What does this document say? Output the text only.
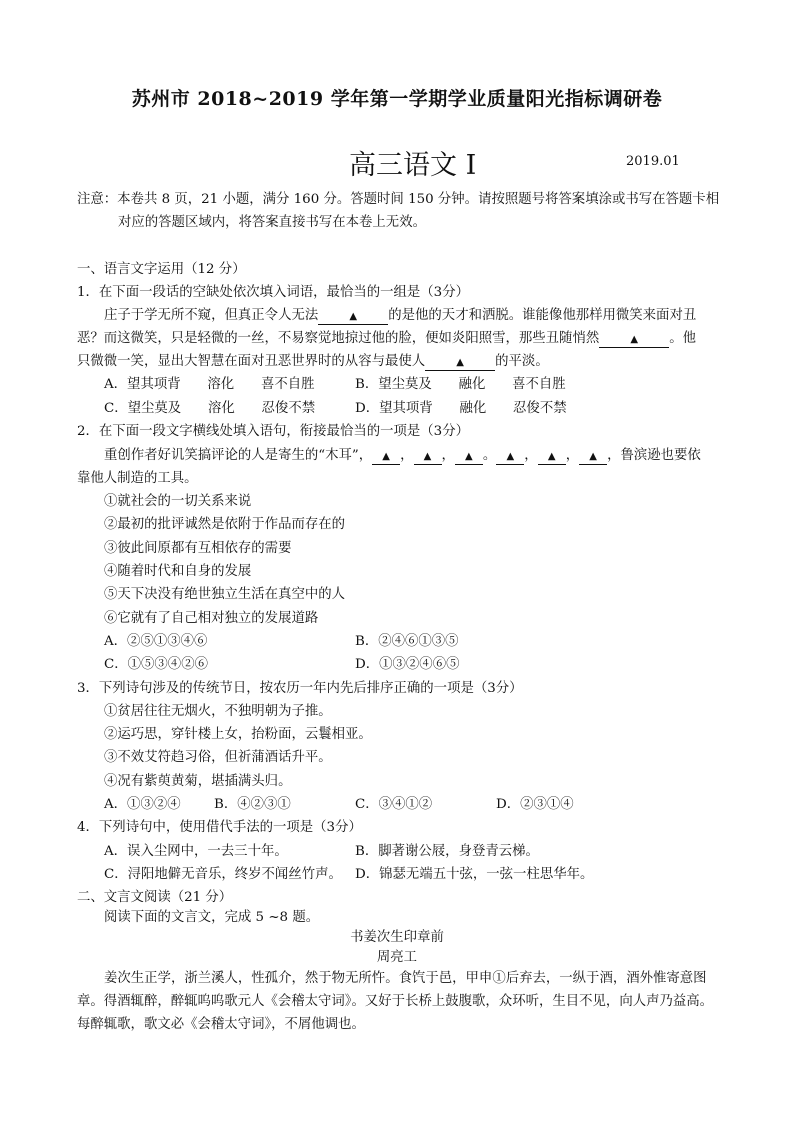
苏州市 2018~2019 学年第一学期学业质量阳光指标调研卷
高三语文 Ⅰ	2019.01
注意：本卷共 8 页，21 小题，满分 160 分。答题时间 150 分钟。请按照题号将答案填涂或书写在答题卡相
对应的答题区域内，将答案直接书写在本卷上无效。
一、语言文字运用（12 分）
1．在下面一段话的空缺处依次填入词语，最恰当的一组是（3分）
庄子于学无所不窥，但真正令人无法	▲ 的是他的天才和洒脱。谁能像他那样用微笑来面对丑
恶？而这微笑，只是轻微的一丝，不易察觉地掠过他的脸，便如炎阳照雪，那些丑随悄然	▲ 。他
只微微一笑，显出大智慧在面对丑恶世界时的从容与最使人	▲ 的平淡。
A．望其项背　　溶化　　喜不自胜	B．望尘莫及　　融化　　喜不自胜
C．望尘莫及　　溶化　　忍俊不禁	D．望其项背　　融化　　忍俊不禁
2．在下面一段文字横线处填入语句，衔接最恰当的一项是（3分）
重创作者好讥笑搞评论的人是寄生的“木耳”， ▲ ， ▲ ， ▲ 。 ▲ ， ▲ ， ▲ ，鲁滨逊也要依
靠他人制造的工具。
①就社会的一切关系来说
②最初的批评诚然是依附于作品而存在的
③彼此间原都有互相依存的需要
④随着时代和自身的发展
⑤天下决没有绝世独立生活在真空中的人
⑥它就有了自己相对独立的发展道路
A．②⑤①③④⑥	B．②④⑥①③⑤
C．①⑤③④②⑥	D．①③②④⑥⑤
3．下列诗句涉及的传统节日，按农历一年内先后排序正确的一项是（3分）
①贫居往往无烟火，不独明朝为子推。
②运巧思，穿针楼上女，抬粉面，云鬟相亚。
③不效艾符趋习俗，但祈蒲酒话升平。
④况有紫萸黄菊，堪插满头归。
A．①③②④ B．④②③①	C．③④①②	D．②③①④
4．下列诗句中，使用借代手法的一项是（3分）
A．误入尘网中，一去三十年。	B．脚著谢公屐，身登青云梯。
C．浔阳地僻无音乐，终岁不闻丝竹声。 D．锦瑟无端五十弦，一弦一柱思华年。
二、文言文阅读（21 分）
阅读下面的文言文，完成 5 ~8 题。
书姜次生印章前
周亮工
姜次生正学，浙兰溪人，性孤介，然于物无所忤。食饩于邑，甲申①后弃去，一纵于酒，酒外惟寄意图
章。得酒辄醉，醉辄呜呜歌元人《会稽太守词》。又好于长桥上鼓腹歌，众环听，生目不见，向人声乃益高。
每醉辄歌，歌文必《会稽太守词》，不屑他调也。
